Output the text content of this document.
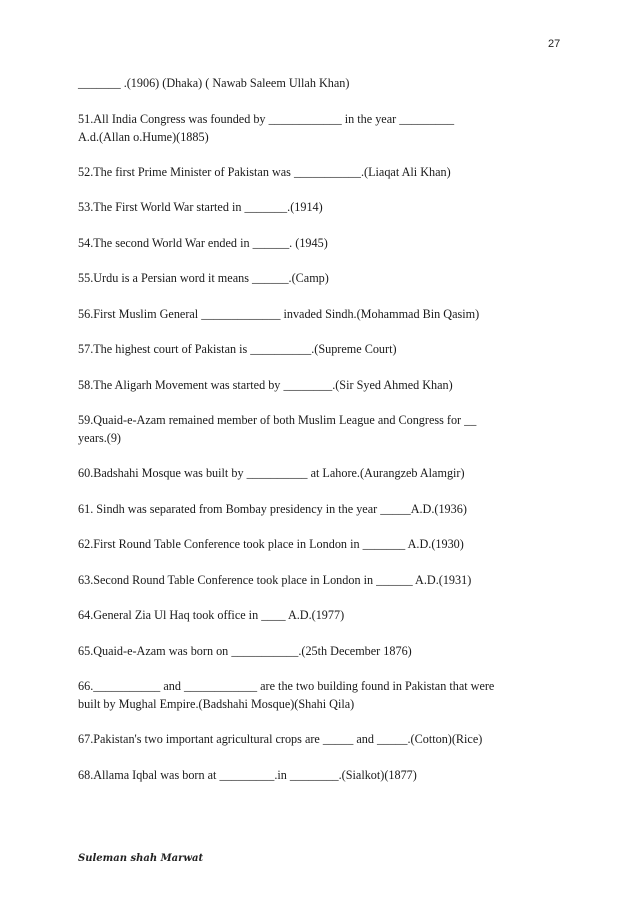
27

_______ .(1906) (Dhaka) ( Nawab Saleem Ullah Khan)

51.All India Congress was founded by ____________ in the year _________
A.d.(Allan o.Hume)(1885)

52.The first Prime Minister of Pakistan was ___________.(Liaqat Ali Khan)

53.The First World War started in _______.(1914)

54.The second World War ended in ______. (1945)

55.Urdu is a Persian word it means ______.(Camp)

56.First Muslim General _____________ invaded Sindh.(Mohammad Bin Qasim)

57.The highest court of Pakistan is __________.(Supreme Court)

58.The Aligarh Movement was started by ________.(Sir Syed Ahmed Khan)

59.Quaid-e-Azam remained member of both Muslim League and Congress for __
years.(9)

60.Badshahi Mosque was built by __________ at Lahore.(Aurangzeb Alamgir)

61. Sindh was separated from Bombay presidency in the year _____A.D.(1936)

62.First Round Table Conference took place in London in _______ A.D.(1930)

63.Second Round Table Conference took place in London in ______ A.D.(1931)

64.General Zia Ul Haq took office in ____ A.D.(1977)

65.Quaid-e-Azam was born on ___________.(25th December 1876)

66.___________ and ____________ are the two building found in Pakistan that were
built by Mughal Empire.(Badshahi Mosque)(Shahi Qila)

67.Pakistan's two important agricultural crops are _____ and _____.(Cotton)(Rice)

68.Allama Iqbal was born at _________.in ________.(Sialkot)(1877)

Suleman shah Marwat
